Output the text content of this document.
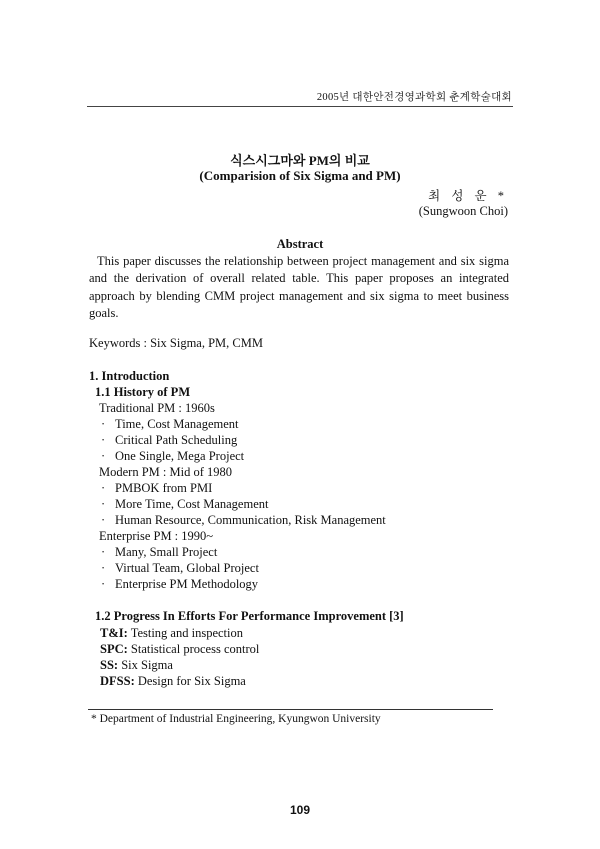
2005년 대한안전경영과학회 춘계학술대회
식스시그마와 PM의 비교
(Comparision of Six Sigma and PM)
최 성 운 *
(Sungwoon Choi)
Abstract
This paper discusses the relationship between project management and six sigma and the derivation of overall related table. This paper proposes an integrated approach by blending CMM project management and six sigma to meet business goals.
Keywords : Six Sigma, PM, CMM
1. Introduction
1.1 History of PM
Traditional PM : 1960s
· Time, Cost Management
· Critical Path Scheduling
· One Single, Mega Project
Modern PM : Mid of 1980
· PMBOK from PMI
· More Time, Cost Management
· Human Resource, Communication, Risk Management
Enterprise PM : 1990~
· Many, Small Project
· Virtual Team, Global Project
· Enterprise PM Methodology
1.2 Progress In Efforts For Performance Improvement [3]
T&I: Testing and inspection
SPC: Statistical process control
SS: Six Sigma
DFSS: Design for Six Sigma
* Department of Industrial Engineering, Kyungwon University
109
